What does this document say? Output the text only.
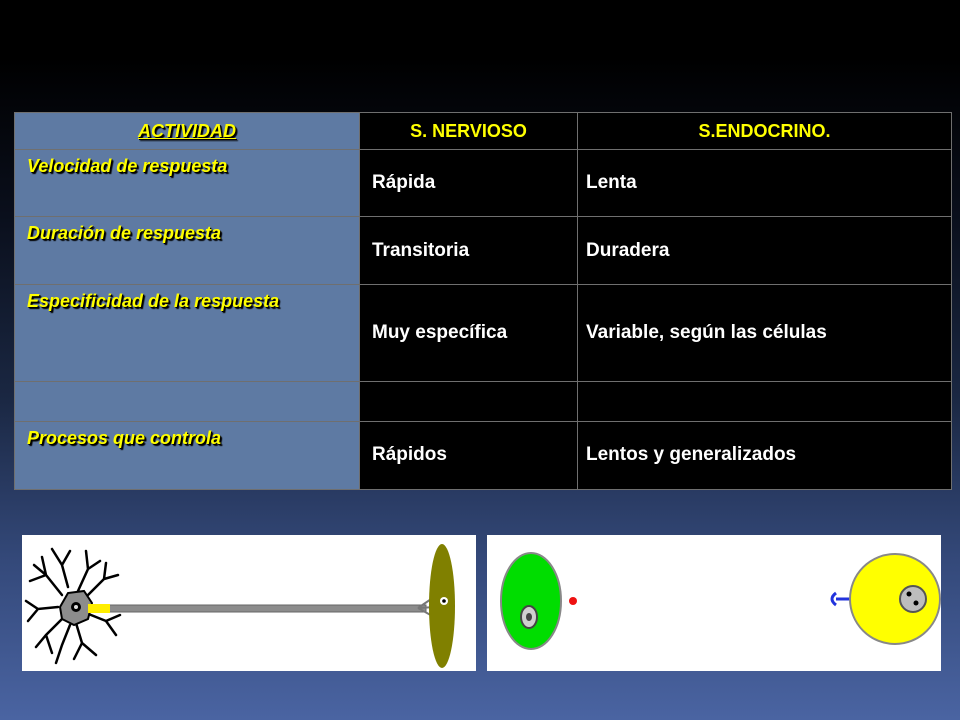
ACTIVIDAD	S. NERVIOSO	S.ENDOCRINO.
Velocidad de respuesta	Rápida	Lenta
Duración de respuesta	Transitoria	Duradera
Especificidad de la respuesta	Muy específica	Variable, según las células

Procesos que controla	Rápidos	Lentos y generalizados
